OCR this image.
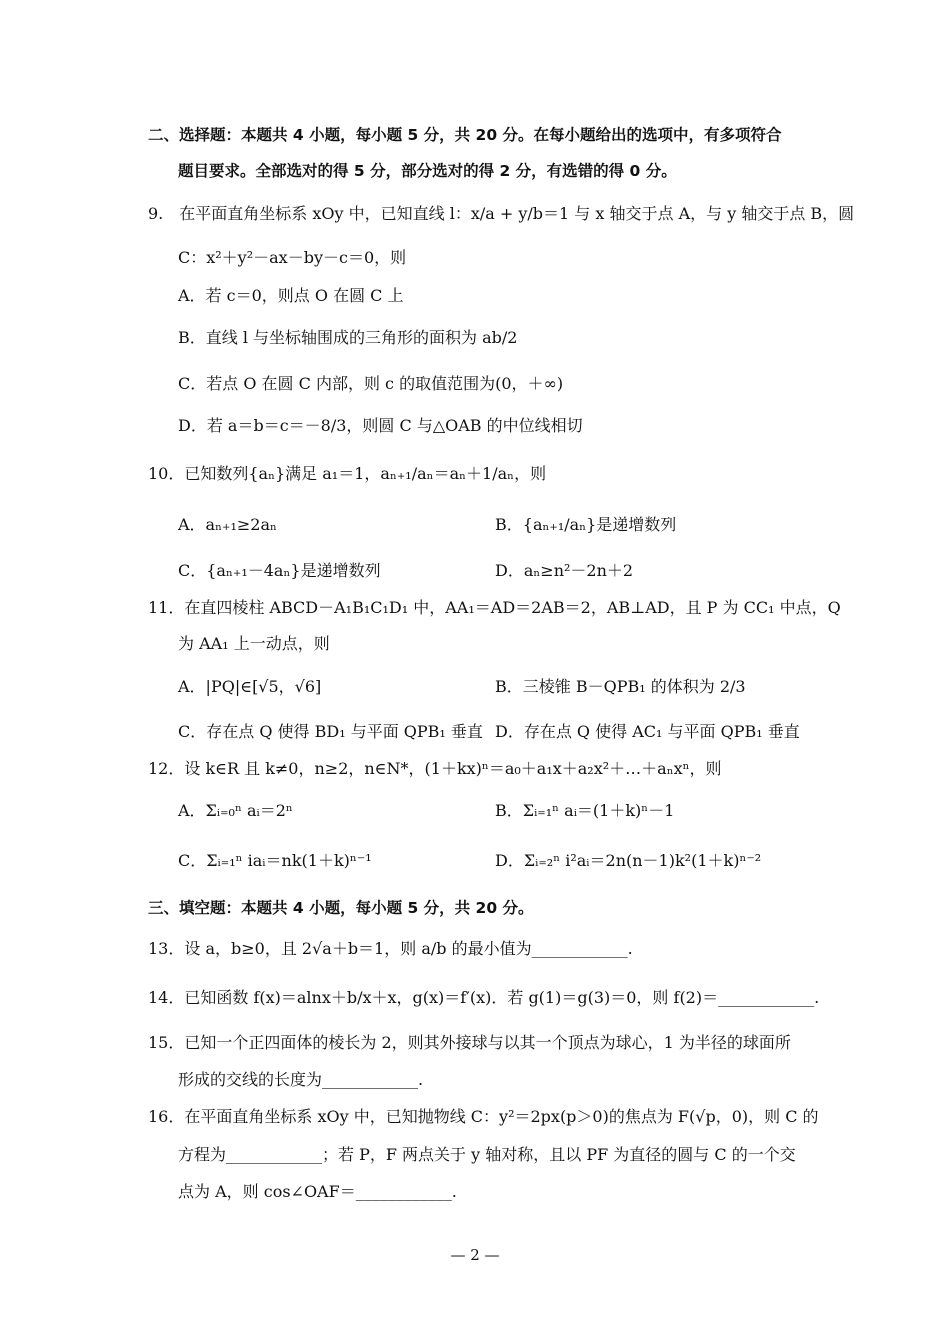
二、选择题：本题共 4 小题，每小题 5 分，共 20 分。在每小题给出的选项中，有多项符合
题目要求。全部选对的得 5 分，部分选对的得 2 分，有选错的得 0 分。
9.　在平面直角坐标系 xOy 中，已知直线 l：x/a + y/b＝1 与 x 轴交于点 A，与 y 轴交于点 B，圆
C：x²＋y²－ax－by－c＝0，则
A．若 c＝0，则点 O 在圆 C 上
B．直线 l 与坐标轴围成的三角形的面积为 ab/2
C．若点 O 在圆 C 内部，则 c 的取值范围为(0，＋∞)
D．若 a＝b＝c＝－8/3，则圆 C 与△OAB 的中位线相切
10．已知数列{aₙ}满足 a₁＝1，aₙ₊₁/aₙ＝aₙ＋1/aₙ，则
A．aₙ₊₁≥2aₙ	B．{aₙ₊₁/aₙ}是递增数列
C．{aₙ₊₁－4aₙ}是递增数列	D．aₙ≥n²－2n＋2
11．在直四棱柱 ABCD－A₁B₁C₁D₁ 中，AA₁＝AD＝2AB＝2，AB⊥AD，且 P 为 CC₁ 中点，Q
为 AA₁ 上一动点，则
A．|PQ|∈[√5，√6]	B．三棱锥 B－QPB₁ 的体积为 2/3
C．存在点 Q 使得 BD₁ 与平面 QPB₁ 垂直 D．存在点 Q 使得 AC₁ 与平面 QPB₁ 垂直
12．设 k∈R 且 k≠0，n≥2，n∈N*，(1＋kx)ⁿ＝a₀＋a₁x＋a₂x²＋…＋aₙxⁿ，则
A．Σᵢ₌₀ⁿ aᵢ＝2ⁿ	B．Σᵢ₌₁ⁿ aᵢ＝(1＋k)ⁿ－1
C．Σᵢ₌₁ⁿ iaᵢ＝nk(1＋k)ⁿ⁻¹	D．Σᵢ₌₂ⁿ i²aᵢ＝2n(n－1)k²(1＋k)ⁿ⁻²
三、填空题：本题共 4 小题，每小题 5 分，共 20 分。
13．设 a，b≥0，且 2√a＋b＝1，则 a/b 的最小值为____________.
14．已知函数 f(x)＝alnx＋b/x＋x，g(x)＝f′(x)．若 g(1)＝g(3)＝0，则 f(2)＝____________.
15．已知一个正四面体的棱长为 2，则其外接球与以其一个顶点为球心，1 为半径的球面所
形成的交线的长度为____________.
16．在平面直角坐标系 xOy 中，已知抛物线 C：y²＝2px(p＞0)的焦点为 F(√p，0)，则 C 的
方程为____________；若 P，F 两点关于 y 轴对称，且以 PF 为直径的圆与 C 的一个交
点为 A，则 cos∠OAF＝____________.
— 2 —
